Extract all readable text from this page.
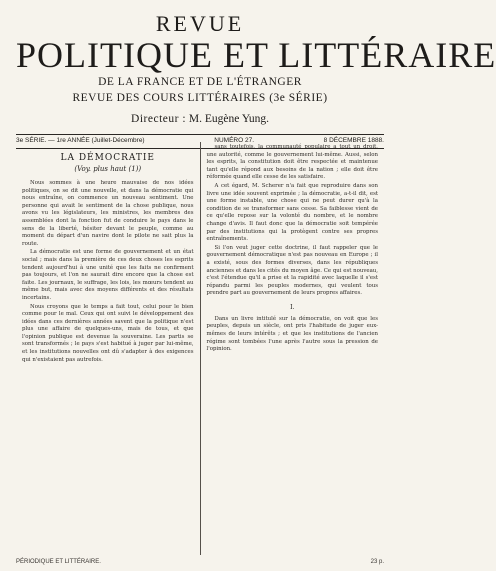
REVUE
POLITIQUE ET LITTÉRAIRE
DE LA FRANCE ET DE L'ÉTRANGER
REVUE DES COURS LITTÉRAIRES (3e SÉRIE)
Directeur : M. Eugène Yung.
3e SÉRIE. — 1re ANNÉE (Juillet-Décembre)	NUMÉRO 27.	8 DÉCEMBRE 1888.
LA DÉMOCRATIE
(Voy. plus haut (1))

Nous sommes à une heure mauvaise de nos idées politiques, on se dit une nouvelle, et dans la démocratie qui nous entraîne, on commence un nouveau sentiment. Une personne qui avait le sentiment de la chose publique, nous avons vu les législateurs, les ministres, les membres des assemblées dont la fonction fut de conduire le pays dans le sens de la liberté, hésiter devant le peuple, comme au moment du départ d'un navire dont le pilote ne sait plus la route.

La démocratie est une forme de gouvernement et un état social ; mais dans la première de ces deux choses les esprits tendent aujourd'hui à une unité que les faits ne confirment pas toujours, et l'on ne saurait dire encore que la chose est faite. Les journaux, le suffrage, les lois, les mœurs tendent au même but, mais avec des moyens différents et des résultats incertains.

Nous croyons que le temps a fait tout, celui pour le bien comme pour le mal. Ceux qui ont suivi le développement des idées dans ces dernières années savent que la politique n'est plus une affaire de quelques-uns, mais de tous, et que l'opinion publique est devenue la souveraine. Les partis se sont transformés ; le pays s'est habitué à juger par lui-même, et les institutions nouvelles ont dû s'adapter à des exigences qui n'existaient pas autrefois.

sans toutefois, la communauté populaire a tout un droit, une autorité, comme le gouvernement lui-même. Aussi, selon les esprits, la constitution doit être respectée et maintenue tant qu'elle répond aux besoins de la nation ; elle doit être réformée quand elle cesse de les satisfaire.

A cet égard, M. Scherer n'a fait que reproduire dans son livre une idée souvent exprimée ; la démocratie, a-t-il dit, est une forme instable, une chose qui ne peut durer qu'à la condition de se transformer sans cesse. Sa faiblesse vient de ce qu'elle repose sur la volonté du nombre, et le nombre change d'avis. Il faut donc que la démocratie soit tempérée par des institutions qui la protègent contre ses propres entraînements.

Si l'on veut juger cette doctrine, il faut rappeler que le gouvernement démocratique n'est pas nouveau en Europe ; il a existé, sous des formes diverses, dans les républiques anciennes et dans les cités du moyen âge. Ce qui est nouveau, c'est l'étendue qu'il a prise et la rapidité avec laquelle il s'est répandu parmi les peuples modernes, qui veulent tous prendre part au gouvernement de leurs propres affaires.

I.

Dans un livre intitulé sur la démocratie, on voit que les peuples, depuis un siècle, ont pris l'habitude de juger eux-mêmes de leurs intérêts ; et que les institutions de l'ancien régime sont tombées l'une après l'autre sous la pression de l'opinion.

PÉRIODIQUE ET LITTÉRAIRE.	23 p.
